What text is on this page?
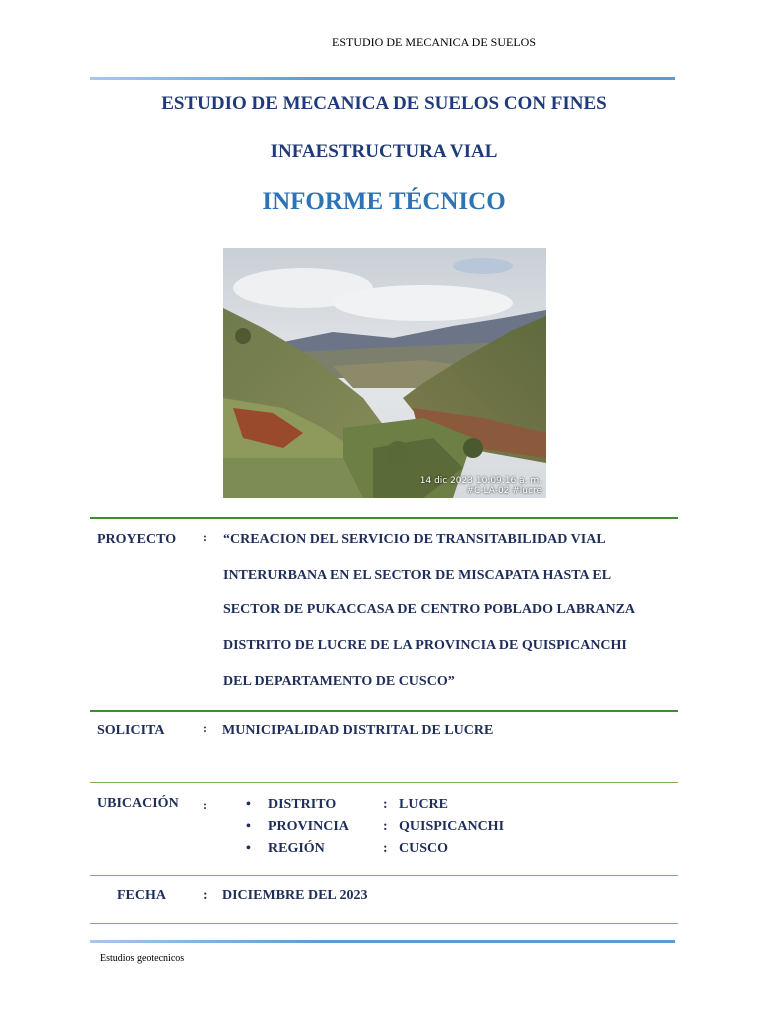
ESTUDIO DE MECANICA DE SUELOS
ESTUDIO DE MECANICA DE SUELOS CON FINES
INFAESTRUCTURA VIAL
INFORME TÉCNICO
14 dic 2023 10:09:16 a. m.
#C-LA-02 #lucre
PROYECTO : “CREACION DEL SERVICIO DE TRANSITABILIDAD VIAL
INTERURBANA EN EL SECTOR DE MISCAPATA HASTA EL
SECTOR DE PUKACCASA DE CENTRO POBLADO LABRANZA
DISTRITO DE LUCRE DE LA PROVINCIA DE QUISPICANCHI
DEL DEPARTAMENTO DE CUSCO”
SOLICITA	: MUNICIPALIDAD DISTRITAL DE LUCRE
UBICACIÓN :	• DISTRITO	: LUCRE
• PROVINCIA : QUISPICANCHI
• REGIÓN	: CUSCO
FECHA	: DICIEMBRE DEL 2023
Estudios geotecnicos
